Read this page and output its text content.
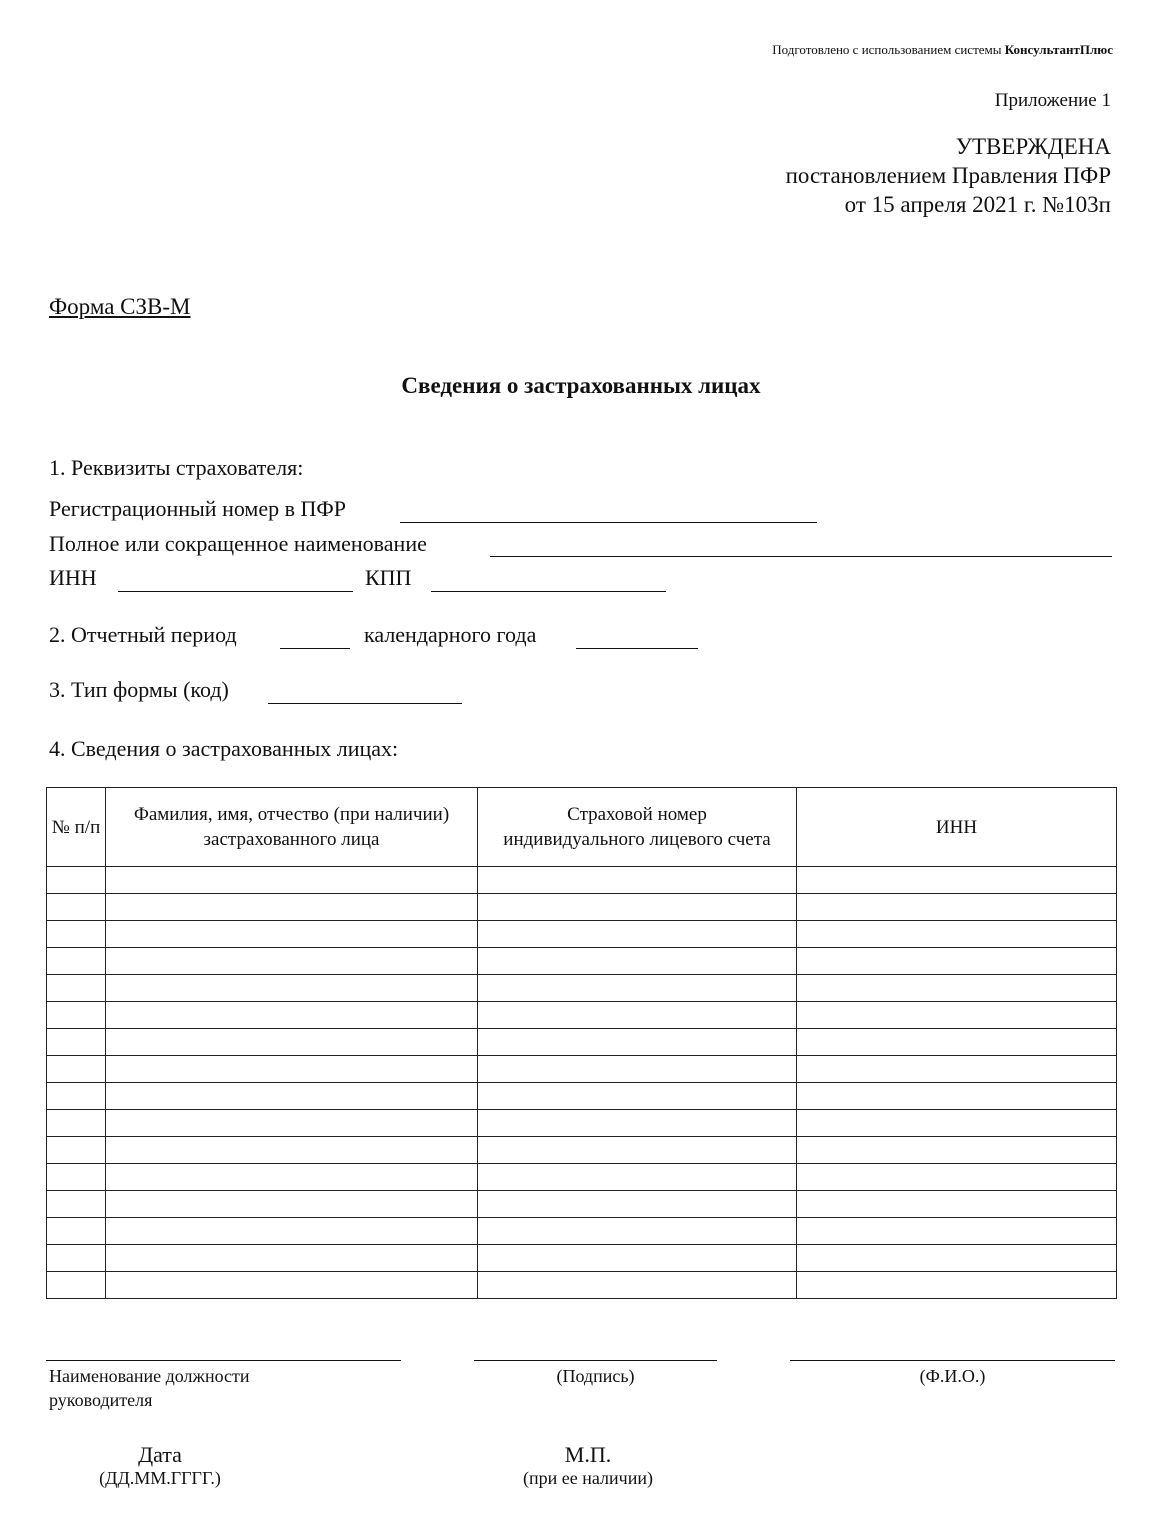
Подготовлено с использованием системы КонсультантПлюс
Приложение 1
УТВЕРЖДЕНА
постановлением Правления ПФР
от 15 апреля 2021 г. №103п
Форма СЗВ-М
Сведения о застрахованных лицах
1. Реквизиты страхователя:
Регистрационный номер в ПФР
Полное или сокращенное наименование
ИНН	КПП
2. Отчетный период	календарного года
3. Тип формы (код)
4. Сведения о застрахованных лицах:
№ п/п	Фамилия, имя, отчество (при наличии) застрахованного лица	Страховой номер индивидуального лицевого счета	ИНН

Наименование должности руководителя
(Подпись)	(Ф.И.О.)
Дата
(ДД.ММ.ГГГГ.)
М.П.
(при ее наличии)
